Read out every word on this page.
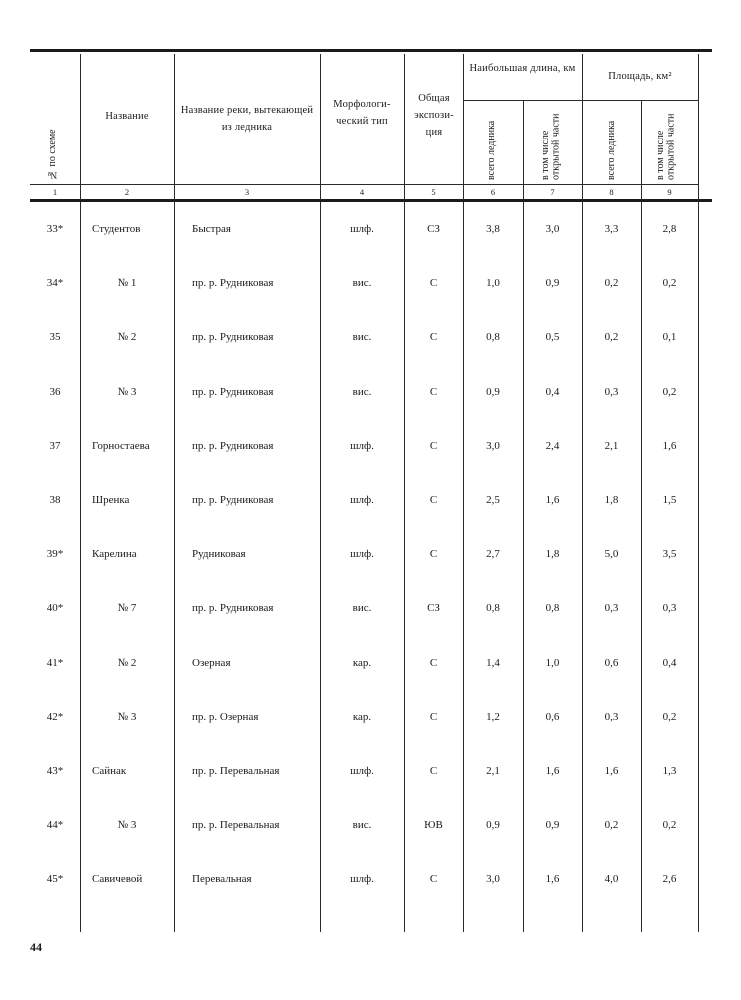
№ по схеме
Название
Название реки, вытекающей из ледника
Морфологи- ческий тип
Общая экспози- ция
Наибольшая длина, км
Площадь, км²
всего ледника	в том числе открытой части	всего ледника	в том числе открытой части
1	2	3	4	5	6	7	8	9
33*	Студентов	Быстрая	шлф.	СЗ	3,8	3,0	3,3	2,8
34*	№ 1	пр. р. Рудниковая	вис.	С	1,0	0,9	0,2	0,2
35	№ 2	пр. р. Рудниковая	вис.	С	0,8	0,5	0,2	0,1
36	№ 3	пр. р. Рудниковая	вис.	С	0,9	0,4	0,3	0,2
37	Горностаева	пр. р. Рудниковая	шлф.	С	3,0	2,4	2,1	1,6
38	Шренка	пр. р. Рудниковая	шлф.	С	2,5	1,6	1,8	1,5
39*	Карелина	Рудниковая	шлф.	С	2,7	1,8	5,0	3,5
40*	№ 7	пр. р. Рудниковая	вис.	СЗ	0,8	0,8	0,3	0,3
41*	№ 2	Озерная	кар.	С	1,4	1,0	0,6	0,4
42*	№ 3	пр. р. Озерная	кар.	С	1,2	0,6	0,3	0,2
43*	Сайнак	пр. р. Перевальная	шлф.	С	2,1	1,6	1,6	1,3
44*	№ 3	пр. р. Перевальная	вис.	ЮВ	0,9	0,9	0,2	0,2
45*	Савичевой	Перевальная	шлф.	С	3,0	1,6	4,0	2,6
44
